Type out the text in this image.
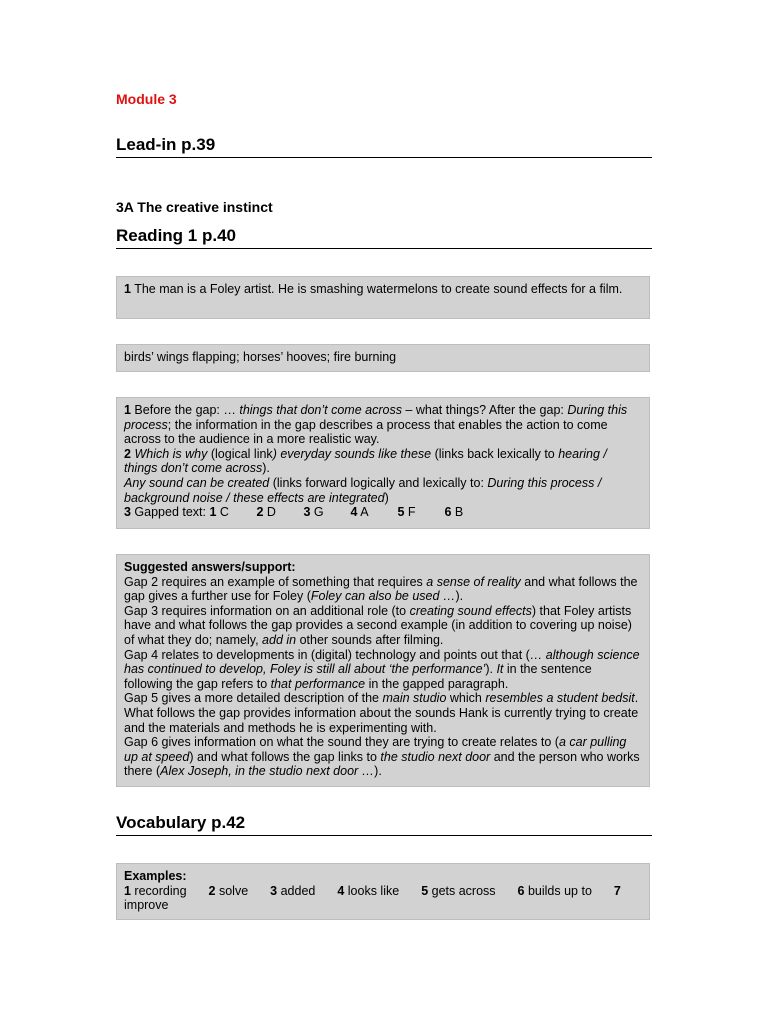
Module 3
Lead-in p.39
3A The creative instinct
Reading 1 p.40

1 The man is a Foley artist. He is smashing watermelons to create sound effects for a film.

birds’ wings flapping; horses’ hooves; fire burning

1 Before the gap: … things that don’t come across – what things? After the gap: During this process; the information in the gap describes a process that enables the action to come across to the audience in a more realistic way.

2 Which is why (logical link) everyday sounds like these (links back lexically to hearing / things don’t come across).

Any sound can be created (links forward logically and lexically to: During this process / background noise / these effects are integrated)

3 Gapped text: 1 C 2 D 3 G 4 A 5 F 6 B

Suggested answers/support:

Gap 2 requires an example of something that requires a sense of reality and what follows the gap gives a further use for Foley (Foley can also be used …).

Gap 3 requires information on an additional role (to creating sound effects) that Foley artists have and what follows the gap provides a second example (in addition to covering up noise) of what they do; namely, add in other sounds after filming.

Gap 4 relates to developments in (digital) technology and points out that (… although science has continued to develop, Foley is still all about ‘the performance’). It in the sentence following the gap refers to that performance in the gapped paragraph.

Gap 5 gives a more detailed description of the main studio which resembles a student bedsit. What follows the gap provides information about the sounds Hank is currently trying to create and the materials and methods he is experimenting with.

Gap 6 gives information on what the sound they are trying to create relates to (a car pulling up at speed) and what follows the gap links to the studio next door and the person who works there (Alex Joseph, in the studio next door …).

Vocabulary p.42

Examples:

1 recording 2 solve 3 added 4 looks like 5 gets across 6 builds up to 7 improve
